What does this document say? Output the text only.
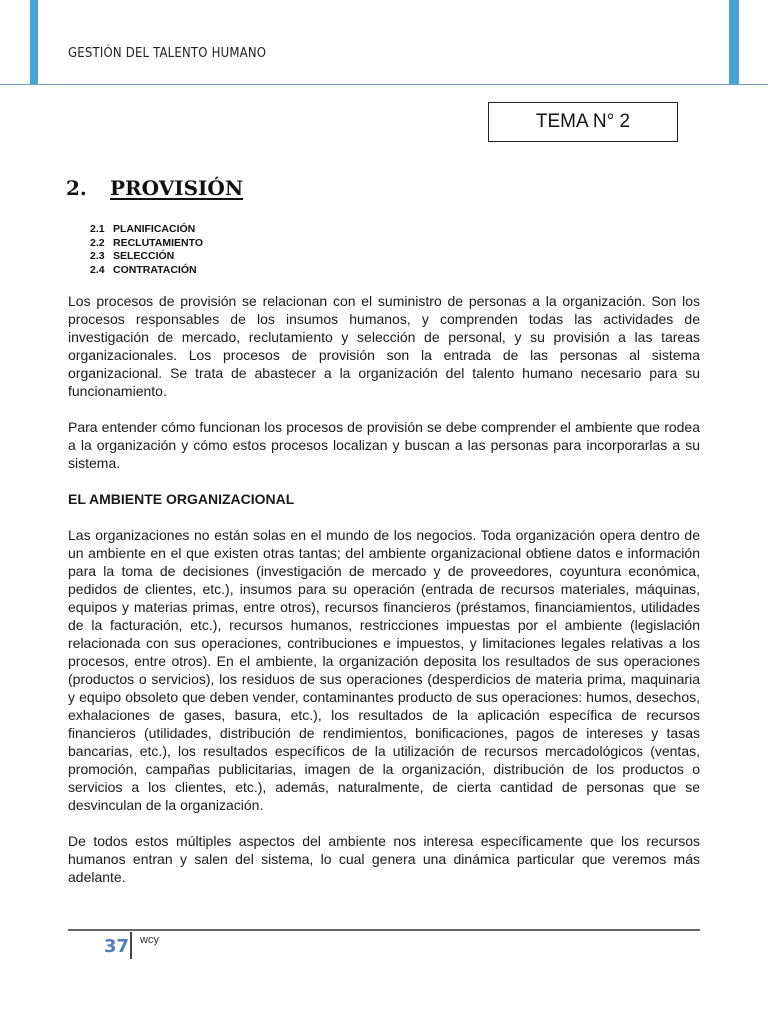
GESTIÓN DEL TALENTO HUMANO
TEMA N° 2
2. PROVISIÓN
2.1 PLANIFICACIÓN
2.2 RECLUTAMIENTO
2.3 SELECCIÓN
2.4 CONTRATACIÓN

Los procesos de provisión se relacionan con el suministro de personas a la organización. Son los procesos responsables de los insumos humanos, y comprenden todas las actividades de investigación de mercado, reclutamiento y selección de personal, y su provisión a las tareas organizacionales. Los procesos de provisión son la entrada de las personas al sistema organizacional. Se trata de abastecer a la organización del talento humano necesario para su funcionamiento.

Para entender cómo funcionan los procesos de provisión se debe comprender el ambiente que rodea a la organización y cómo estos procesos localizan y buscan a las personas para incorporarlas a su sistema.

EL AMBIENTE ORGANIZACIONAL

Las organizaciones no están solas en el mundo de los negocios. Toda organización opera dentro de un ambiente en el que existen otras tantas; del ambiente organizacional obtiene datos e información para la toma de decisiones (investigación de mercado y de proveedores, coyuntura económica, pedidos de clientes, etc.), insumos para su operación (entrada de recursos materiales, máquinas, equipos y materias primas, entre otros), recursos financieros (préstamos, financiamientos, utilidades de la facturación, etc.), recursos humanos, restricciones impuestas por el ambiente (legislación relacionada con sus operaciones, contribuciones e impuestos, y limitaciones legales relativas a los procesos, entre otros). En el ambiente, la organización deposita los resultados de sus operaciones (productos o servicios), los residuos de sus operaciones (desperdicios de materia prima, maquinaria y equipo obsoleto que deben vender, contaminantes producto de sus operaciones: humos, desechos, exhalaciones de gases, basura, etc.), los resultados de la aplicación específica de recursos financieros (utilidades, distribución de rendimientos, bonificaciones, pagos de intereses y tasas bancarias, etc.), los resultados específicos de la utilización de recursos mercadológicos (ventas, promoción, campañas publicitarias, imagen de la organización, distribución de los productos o servicios a los clientes, etc.), además, naturalmente, de cierta cantidad de personas que se desvinculan de la organización.

De todos estos múltiples aspectos del ambiente nos interesa específicamente que los recursos humanos entran y salen del sistema, lo cual genera una dinámica particular que veremos más adelante.

37 wcy
